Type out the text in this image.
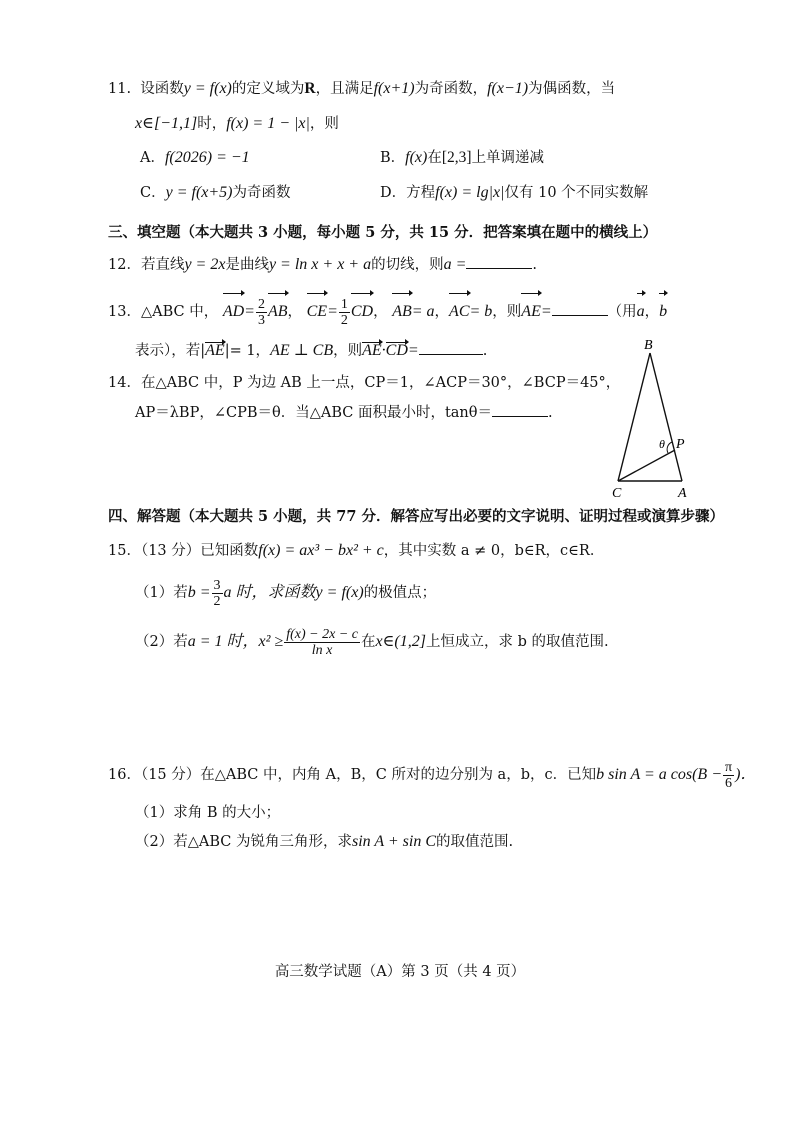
11. 设函数y = f(x)的定义域为R，且满足f(x+1)为奇函数，f(x−1)为偶函数，当
x∈[−1,1]时，f(x) = 1 − |x|，则
A．f(2026) = −1	B．f(x)在[2,3]上单调递减
C．y = f(x+5)为奇函数	D．方程f(x) = lg|x|仅有 10 个不同实数解
三、填空题（本大题共 3 小题，每小题 5 分，共 15 分．把答案填在题中的横线上）
12．若直线y = 2x是曲线y = ln x + x + a的切线，则a =	.
13．△ABC 中， $AD= \frac{2}{3}$ AB， $CE= \frac{1}{2}$ CD， AB= a，AC= b，则AE=	（用a，b
表示），若|AE|= 1，AE ⊥ CB，则AE·CD=	.
14．在△ABC 中，P 为边 AB 上一点，CP＝1，∠ACP＝30°，∠BCP＝45°，
AP＝λBP，∠CPB＝θ．当△ABC 面积最小时，tanθ＝	.
B
C	A
P
θ
四、解答题（本大题共 5 小题，共 77 分．解答应写出必要的文字说明、证明过程或演算步骤）
15．（13 分）已知函数f(x) = ax³ − bx² + c，其中实数 a ≠ 0，b∈R，c∈R．
（1）若$b = \frac{3}{2}$ a 时，求函数y = f(x)的极值点；
（2）若a = 1 时，$x^2 \ge \frac{f(x) - 2x - c}{\text{ln x}}$ 在x∈(1,2]上恒成立，求 b 的取值范围.
16．（15 分）在△ABC 中，内角 A，B，C 所对的边分别为 a，b，c．已知b sin A = a $\cos(B - \frac{\pi}{6}$ )．
（1）求角 B 的大小；
（2）若△ABC 为锐角三角形，求sin A + sin C的取值范围.
高三数学试题（A）第 3 页（共 4 页）
